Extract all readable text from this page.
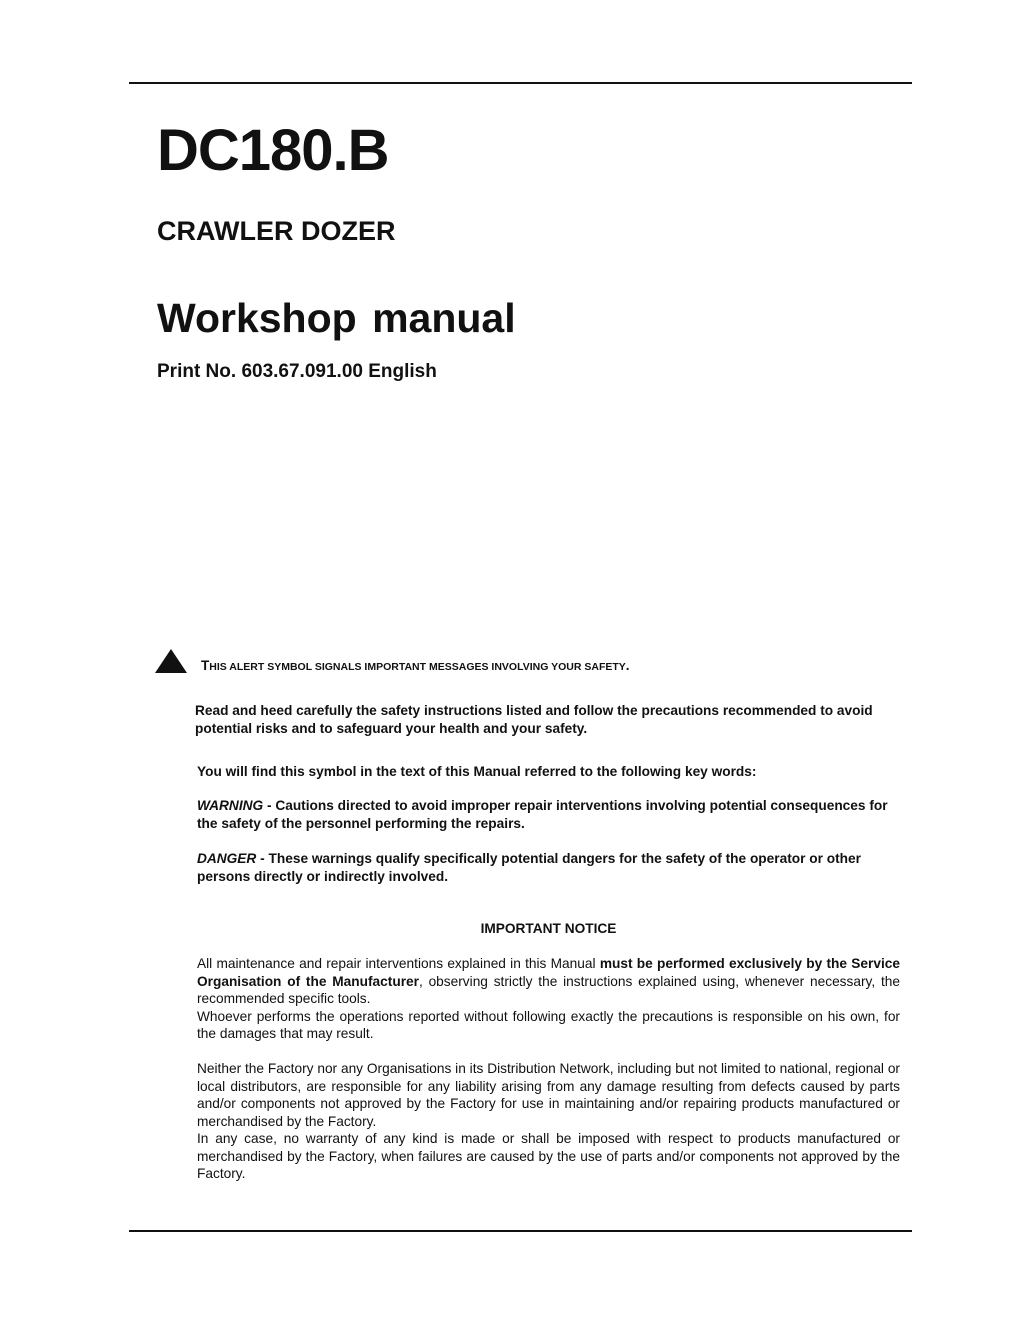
DC180.B
CRAWLER DOZER
Workshop manual

Print No. 603.67.091.00 English

THIS ALERT SYMBOL SIGNALS IMPORTANT MESSAGES INVOLVING YOUR SAFETY.

Read and heed carefully the safety instructions listed and follow the precautions recommended to avoid potential risks and to safeguard your health and your safety.

You will find this symbol in the text of this Manual referred to the following key words:

WARNING - Cautions directed to avoid improper repair interventions involving potential consequences for the safety of the personnel performing the repairs.

DANGER - These warnings qualify specifically potential dangers for the safety of the operator or other persons directly or indirectly involved.

IMPORTANT NOTICE

All maintenance and repair interventions explained in this Manual must be performed exclusively by the Service Organisation of the Manufacturer, observing strictly the instructions explained using, whenever necessary, the recommended specific tools.

Whoever performs the operations reported without following exactly the precautions is responsible on his own, for the damages that may result.

Neither the Factory nor any Organisations in its Distribution Network, including but not limited to national, regional or local distributors, are responsible for any liability arising from any damage resulting from defects caused by parts and/or components not approved by the Factory for use in maintaining and/or repairing products manufactured or merchandised by the Factory.

In any case, no warranty of any kind is made or shall be imposed with respect to products manufactured or merchandised by the Factory, when failures are caused by the use of parts and/or components not approved by the Factory.
